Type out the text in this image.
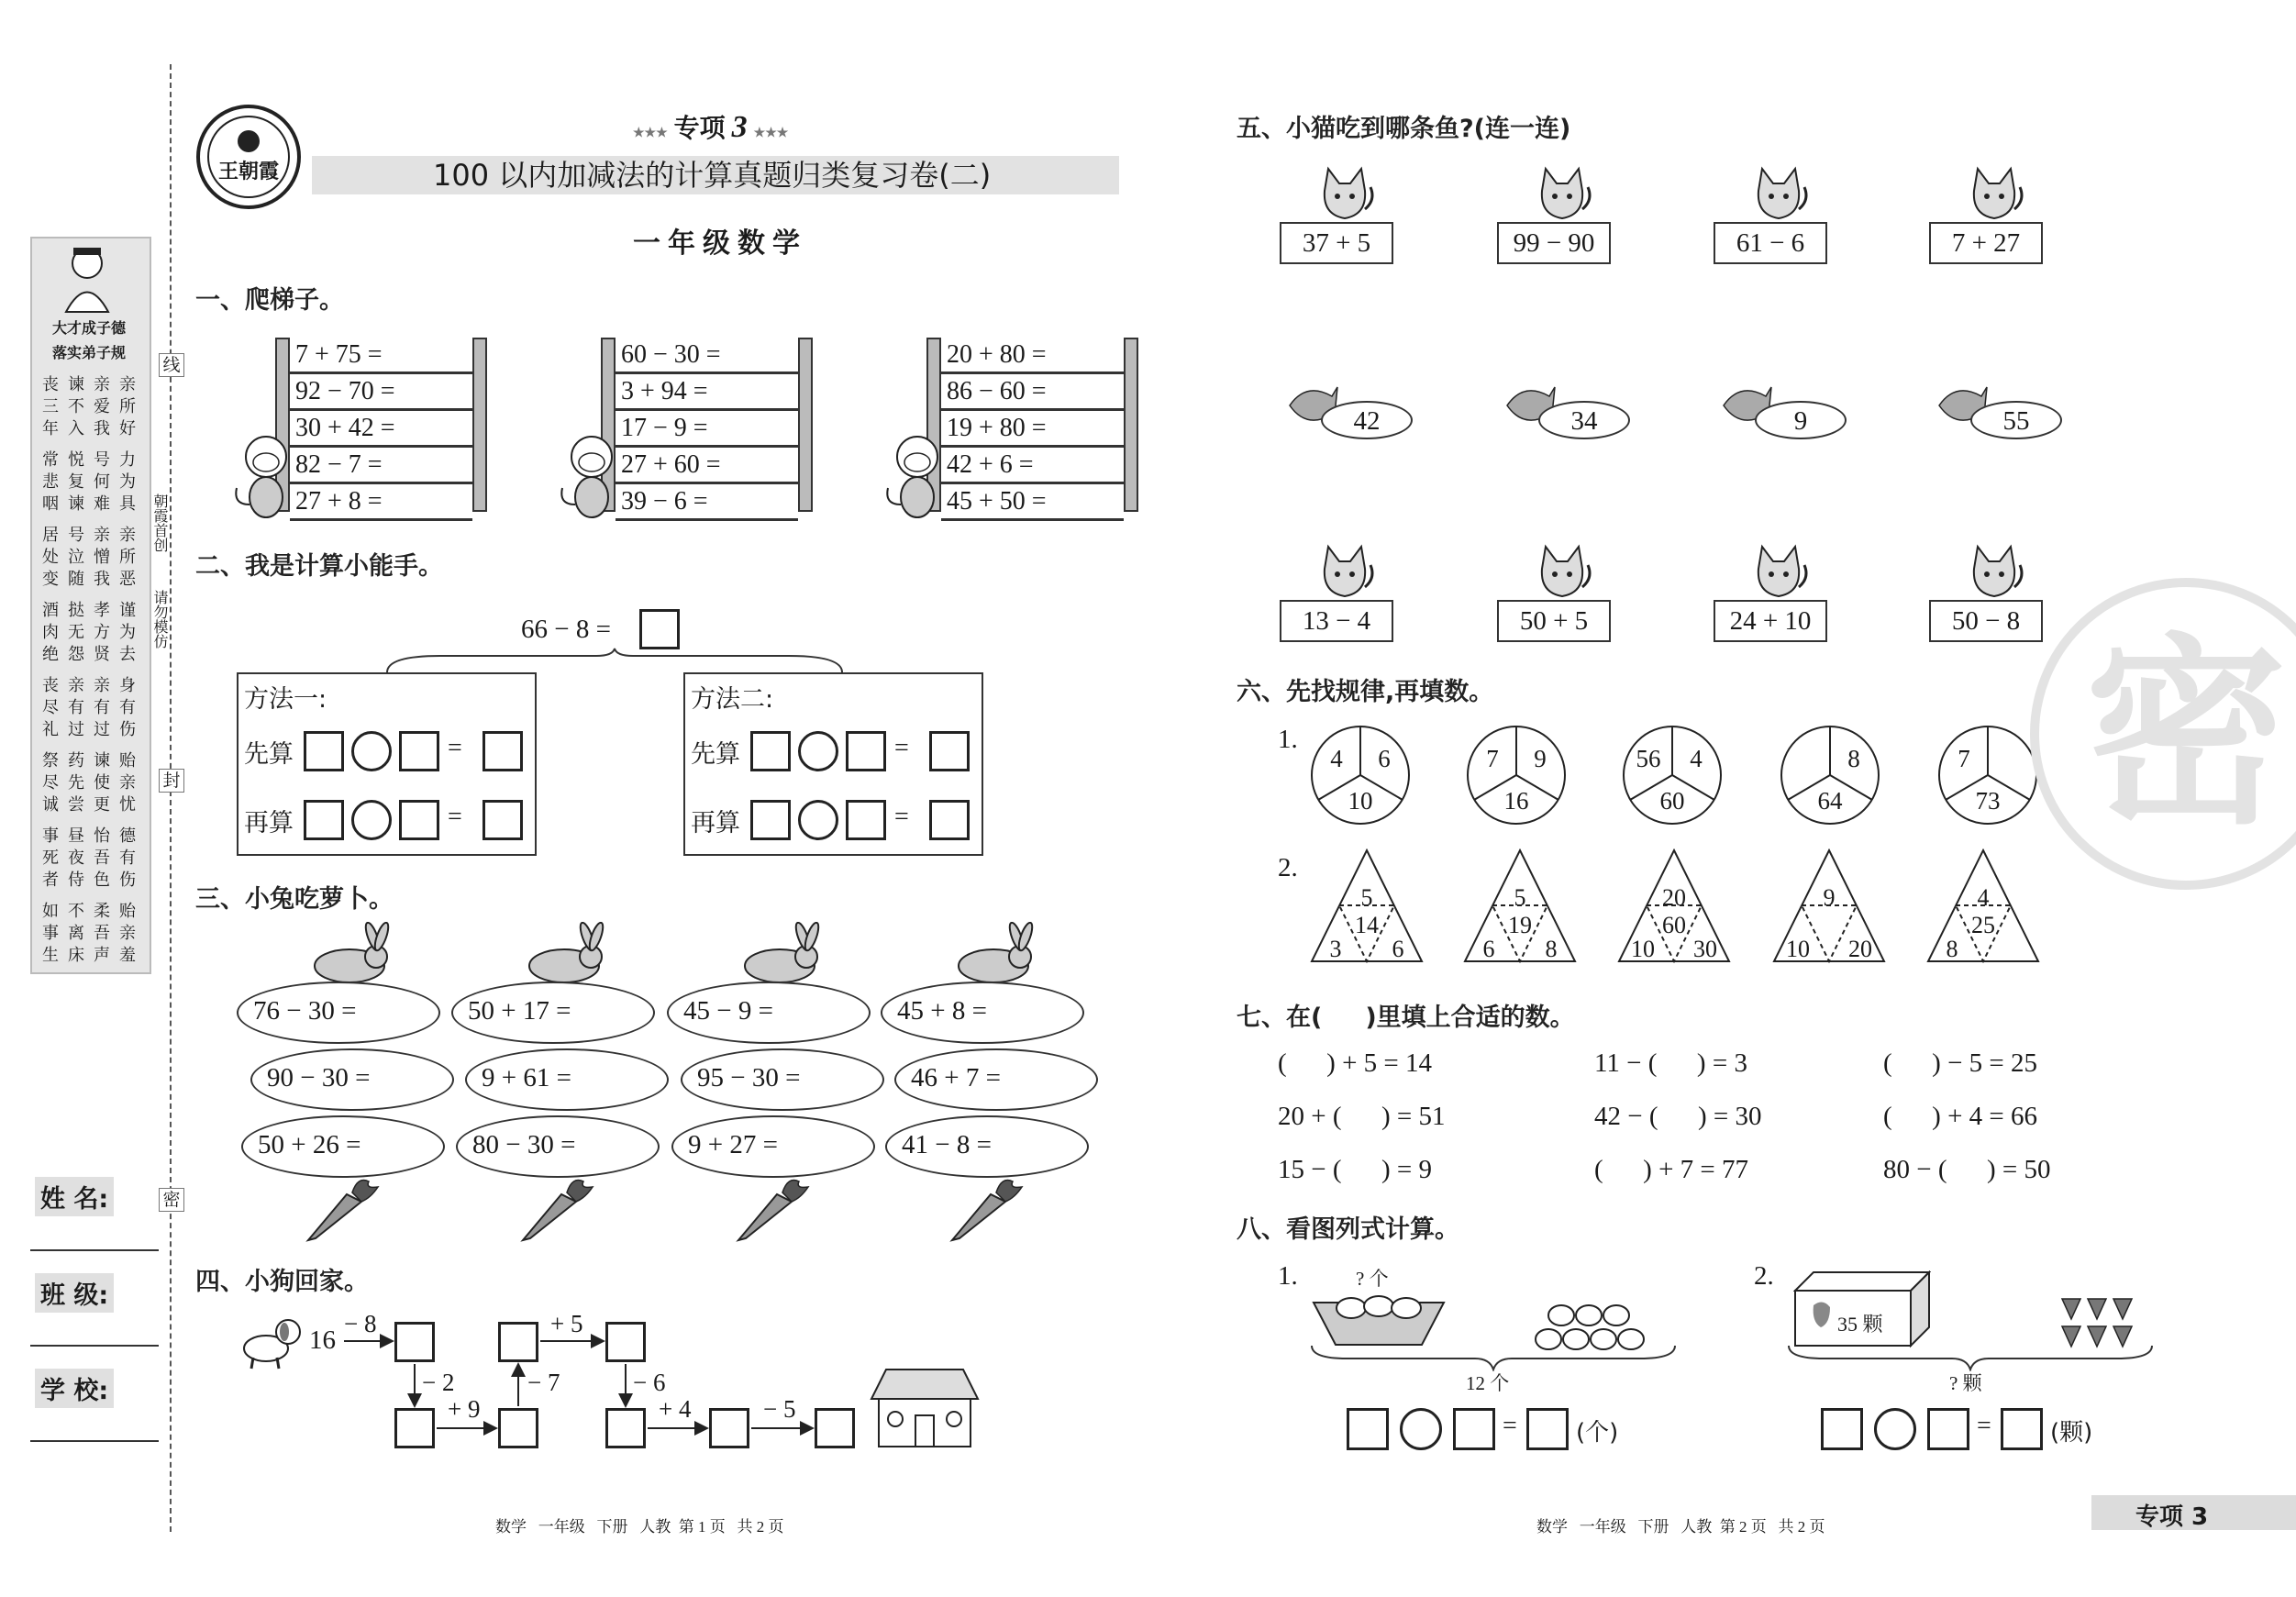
大才成子德
落实弟子规
丧三年
谏不入
亲爱我
亲所好
常悲咽
悦复谏
号何难
力为具
居处变
号泣随
亲憎我
亲所恶
酒肉绝
挞无怨
孝方贤
谨为去
丧尽礼
亲有过
亲有过
身有伤
祭尽诚
药先尝
谏使更
贻亲忧
事死者
昼夜侍
怡吾色
德有伤
如事生
不离床
柔吾声
贻亲羞
线
朝霞首创
请勿模仿
封
密
姓 名:
班 级:
学 校:
王朝霞
★★★ 专项 3 ★★★
100 以内加减法的计算真题归类复习卷(二)
一年级数学
一、爬梯子。
7 + 75 =
92 − 70 =
30 + 42 =
82 − 7 =
27 + 8 =
60 − 30 =
3 + 94 =
17 − 9 =
27 + 60 =
39 − 6 =
20 + 80 =
86 − 60 =
19 + 80 =
42 + 6 =
45 + 50 =
二、我是计算小能手。
66 − 8 =
方法一:
先算	=
再算	=
方法二:
先算	=
再算	=
三、小兔吃萝卜。
76 − 30 =
90 − 30 =
50 + 26 =
50 + 17 =
9 + 61 =
80 − 30 =
45 − 9 =
95 − 30 =
9 + 27 =
45 + 8 =
46 + 7 =
41 − 8 =
四、小狗回家。
16
− 8
− 2
+ 9
− 7
+ 5
− 6
+ 4	− 5
五、小猫吃到哪条鱼?(连一连)
37 + 5	99 − 90	61 − 6	7 + 27
42	34	9	55
13 − 4	50 + 5	24 + 10	50 − 8
六、先找规律,再填数。
1.
2.
4	6
10
7	9
16
56	4
60
8
64
7
73
5
14
3	6
5
19
6	8
20
60
10	30
9
10	20
4
25
8
七、在(     )里填上合适的数。
(      ) + 5 = 14	11 − (      ) = 3	(      ) − 5 = 25
20 + (      ) = 51	42 − (      ) = 30	(      ) + 4 = 66
15 − (      ) = 9	(      ) + 7 = 77	80 − (      ) = 50
八、看图列式计算。
1.	2.
? 个
12 个
35 颗
? 颗
= (个)	= (颗)
密
数学   一年级   下册   人教  第 1 页   共 2 页	数学   一年级   下册   人教  第 2 页   共 2 页	专项 3
